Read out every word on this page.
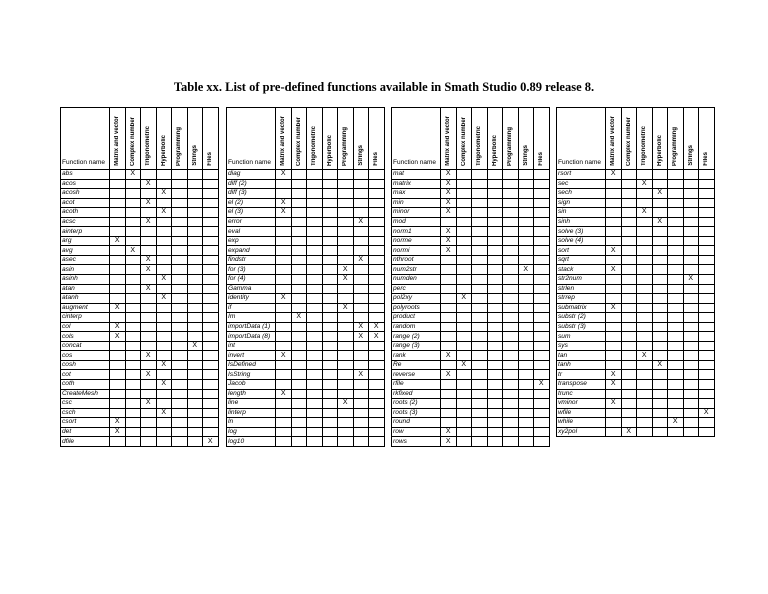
Table xx. List of pre-defined functions available in Smath Studio 0.89 release 8.
Function name	Matrix and vector	Complex number	Trigonometric	Hyperbolic	Programming	Strings	Files

abs		X					
acos			X				
acosh				X			
acot			X				
acoth				X			
acsc			X				
ainterp							
arg	X						
avg		X					
asec			X				
asin			X				
asinh				X			
atan			X				
atanh				X			
augment	X						
cinterp							
col	X						
cols	X						
concat						X	
cos			X				
cosh				X			
cot			X				
coth				X			
CreateMesh							
csc			X				
csch				X			
csort	X						
det	X						
dfile							X
Function name	Matrix and vector	Complex number	Trigonometric	Hyperbolic	Programming	Strings	Files

diag	X						
diff (2)							
diff (3)							
el (2)	X						
el (3)	X						
error						X	
eval							
exp							
expand							
findstr						X	
for (3)					X		
for (4)					X		
Gamma							
identity	X						
if					X		
Im		X					
importData (1)						X	X
importData (8)						X	X
int							
invert	X						
IsDefined							
IsString						X	
Jacob							
length	X						
line					X		
linterp							
ln							
log							
log10							
Function name	Matrix and vector	Complex number	Trigonometric	Hyperbolic	Programming	Strings	Files

mat	X						
matrix	X						
max	X						
min	X						
minor	X						
mod							
norm1	X						
norme	X						
normi	X						
nthroot							
num2str						X	
numden							
perc							
pol2xy		X					
polyroots							
product							
random							
range (2)							
range (3)							
rank	X						
Re		X					
reverse	X						
rfile							X
rkfixed							
roots (2)							
roots (3)							
round							
row	X						
rows	X						
Function name	Matrix and vector	Complex number	Trigonometric	Hyperbolic	Programming	Strings	Files

rsort	X						
sec			X				
sech				X			
sign							
sin			X				
sinh				X			
solve (3)							
solve (4)							
sort	X						
sqrt							
stack	X						
str2num						X	
strlen							
strrep							
submatrix	X						
substr (2)							
substr (3)							
sum							
sys							
tan			X				
tanh				X			
tr	X						
transpose	X						
trunc							
vminor	X						
wfile							X
while					X		
xy2pol		X					
